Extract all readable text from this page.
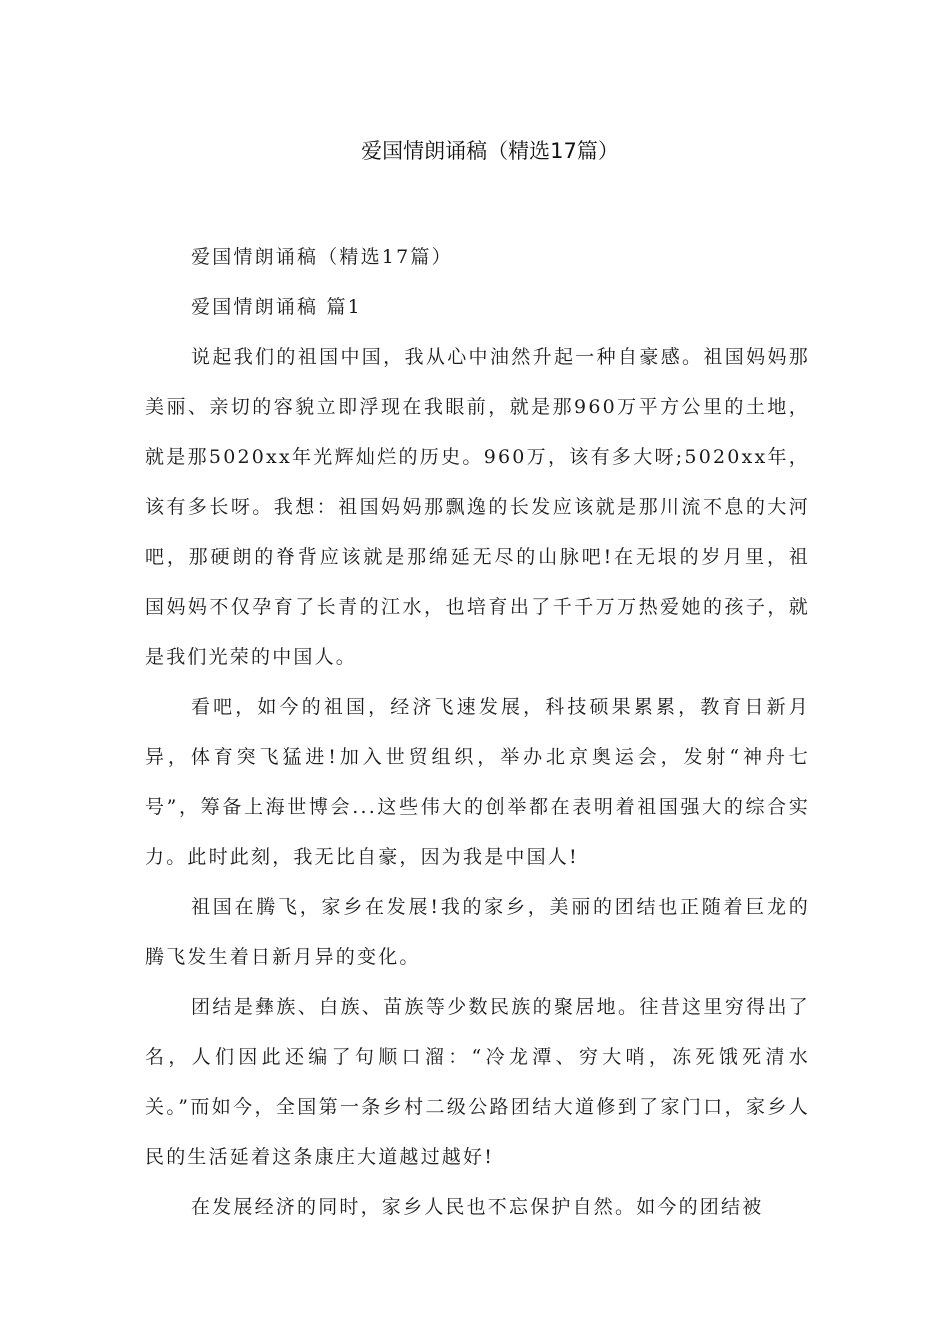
爱国情朗诵稿（精选17篇）

爱国情朗诵稿（精选17篇）

爱国情朗诵稿 篇1

说起我们的祖国中国，我从心中油然升起一种自豪感。祖国妈妈那美丽、亲切的容貌立即浮现在我眼前，就是那960万平方公里的土地，就是那5020xx年光辉灿烂的历史。960万，该有多大呀;5020xx年，该有多长呀。我想：祖国妈妈那飘逸的长发应该就是那川流不息的大河吧，那硬朗的脊背应该就是那绵延无尽的山脉吧!在无垠的岁月里，祖国妈妈不仅孕育了长青的江水，也培育出了千千万万热爱她的孩子，就是我们光荣的中国人。

看吧，如今的祖国，经济飞速发展，科技硕果累累，教育日新月异，体育突飞猛进!加入世贸组织，举办北京奥运会，发射“神舟七号”，筹备上海世博会...这些伟大的创举都在表明着祖国强大的综合实力。此时此刻，我无比自豪，因为我是中国人!

祖国在腾飞，家乡在发展!我的家乡，美丽的团结也正随着巨龙的腾飞发生着日新月异的变化。

团结是彝族、白族、苗族等少数民族的聚居地。往昔这里穷得出了名，人们因此还编了句顺口溜：“冷龙潭、穷大哨，冻死饿死清水关。”而如今，全国第一条乡村二级公路团结大道修到了家门口，家乡人民的生活延着这条康庄大道越过越好!

在发展经济的同时，家乡人民也不忘保护自然。如今的团结被
